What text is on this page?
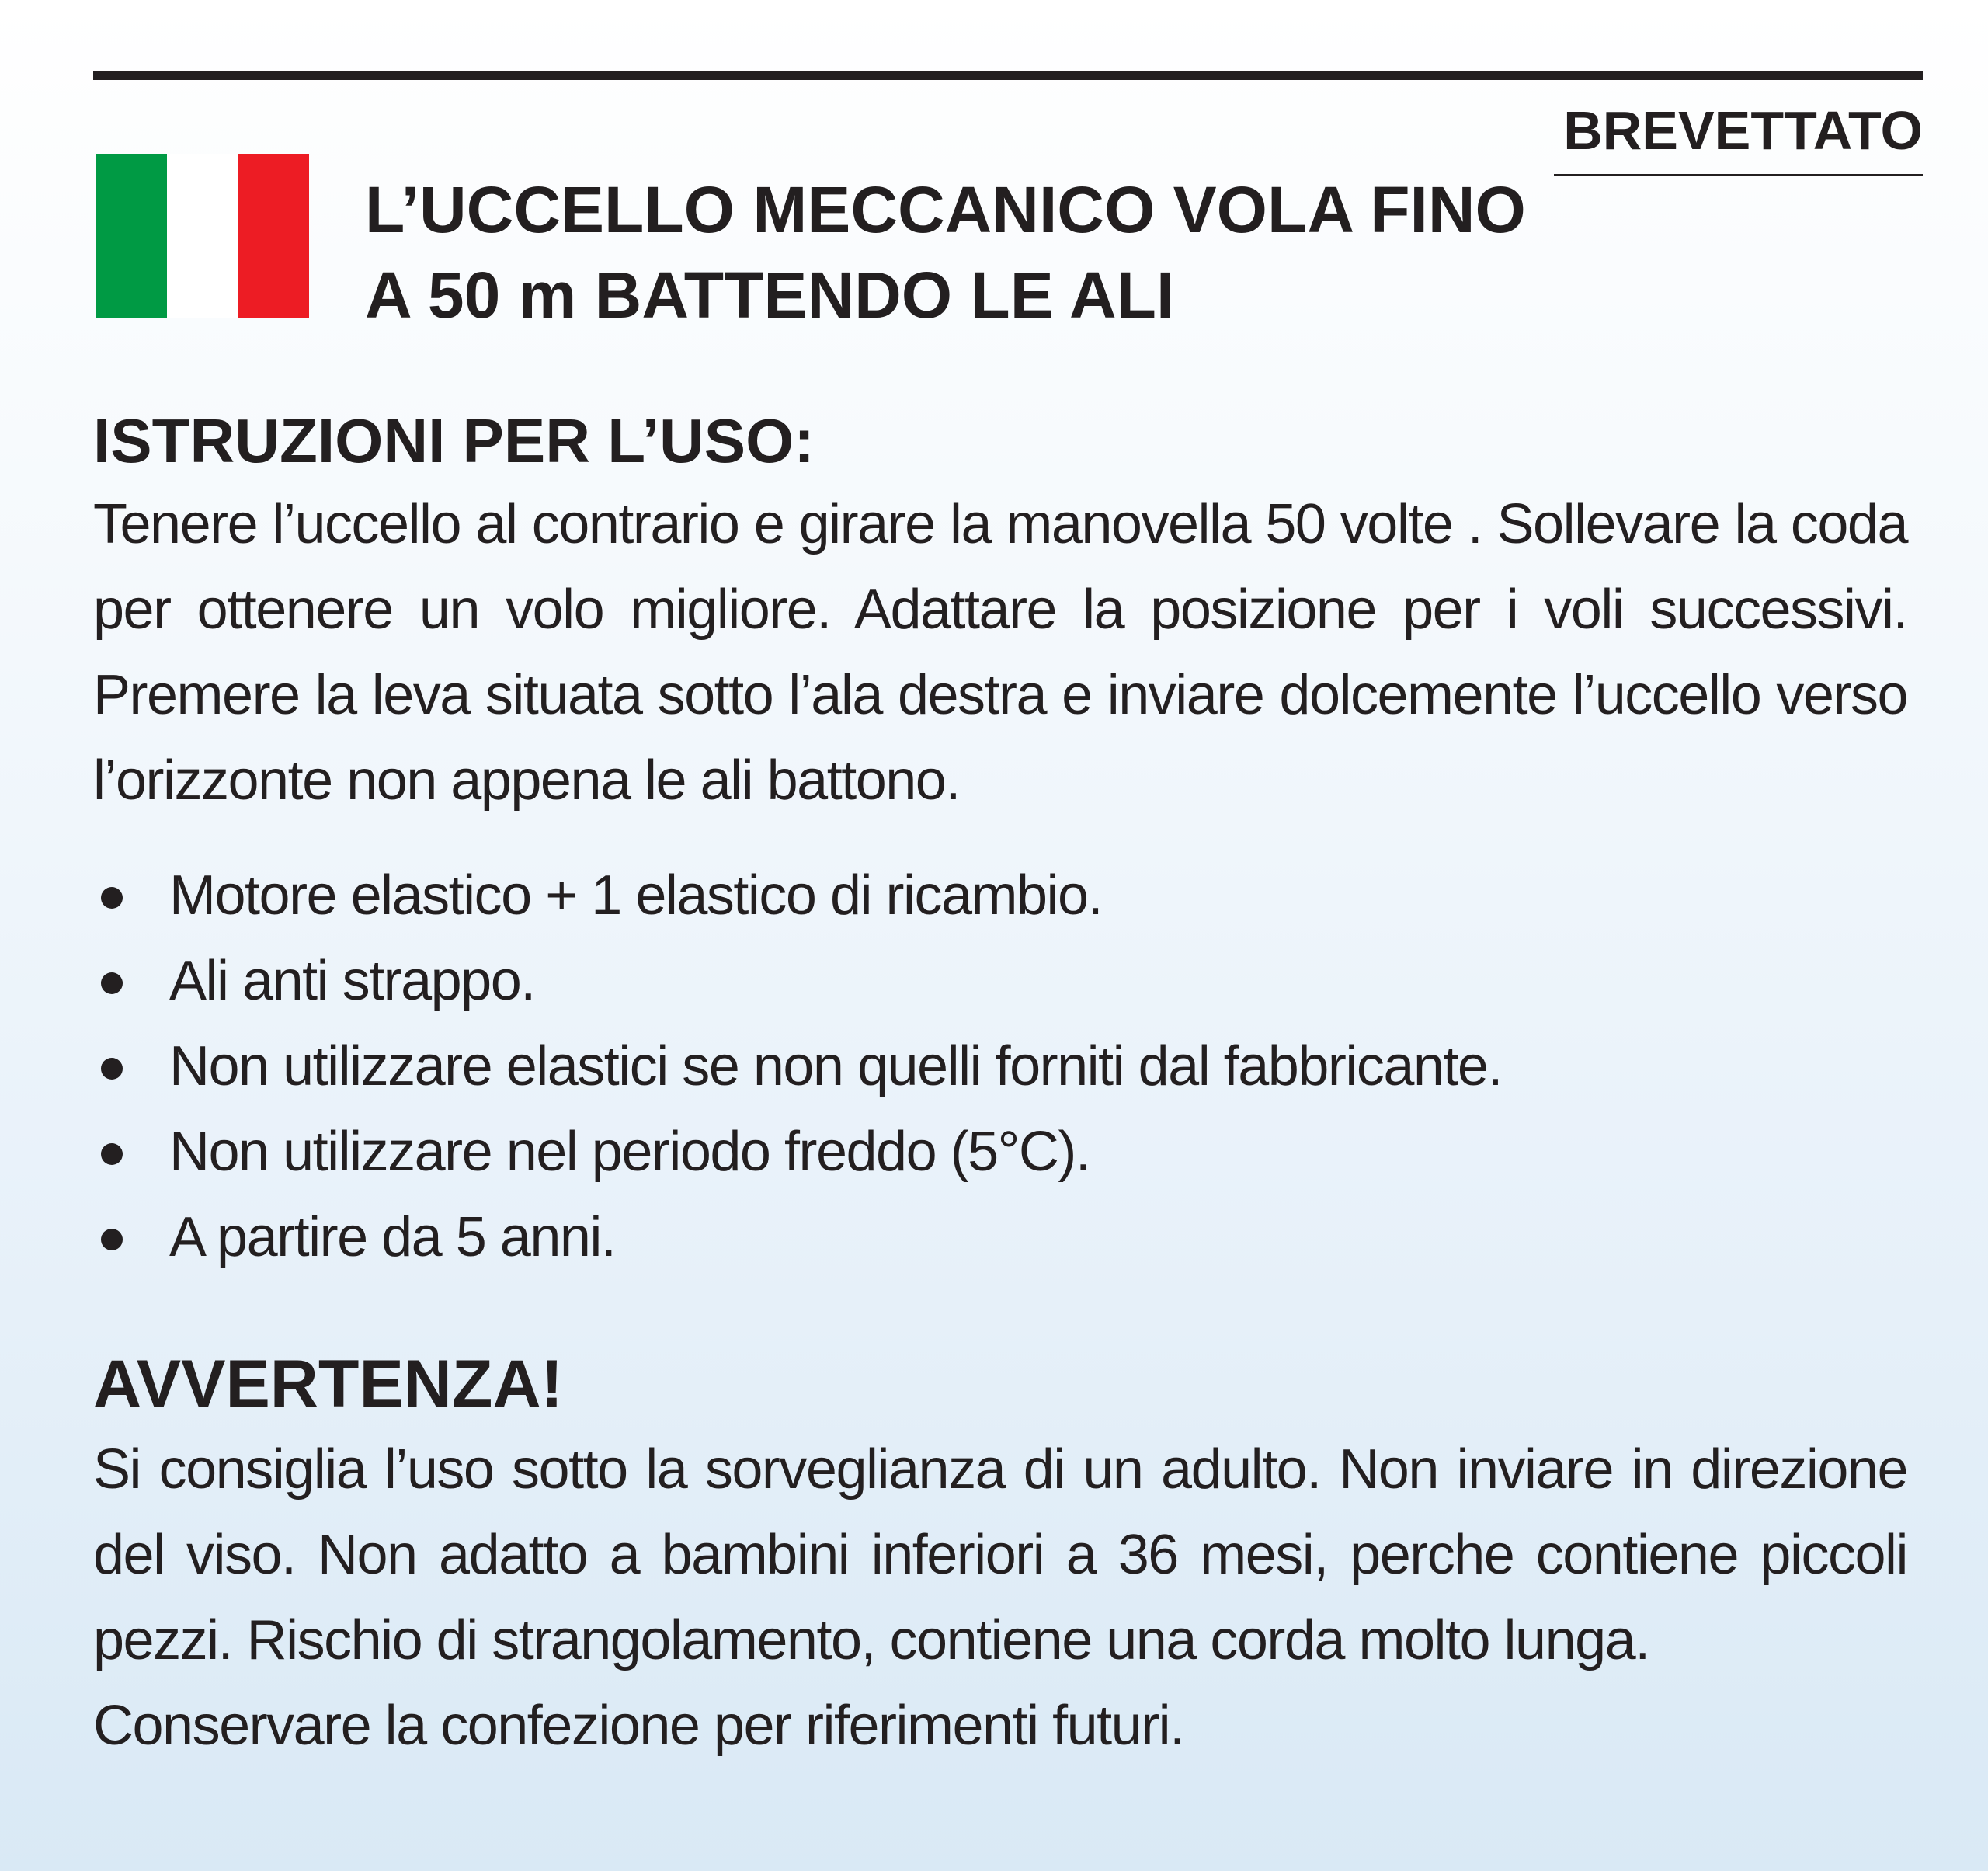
BREVETTATO
L’UCCELLO MECCANICO VOLA FINO
A 50 m BATTENDO LE ALI
ISTRUZIONI PER L’USO:

Tenere l’uccello al contrario e girare la manovella 50 volte . Sollevare la coda per ottenere un volo migliore. Adattare la posizione per i voli successivi. Premere la leva situata sotto l’ala destra e inviare dolcemente l’uccello verso l’orizzonte non appena le ali battono.

Motore elastico + 1 elastico di ricambio.
Ali anti strappo.
Non utilizzare elastici se non quelli forniti dal fabbricante.
Non utilizzare nel periodo freddo (5°C).
A partire da 5 anni.
AVVERTENZA!
Si consiglia l’uso sotto la sorveglianza di un adulto. Non inviare in direzione del viso. Non adatto a bambini inferiori a 36 mesi, perche contiene piccoli pezzi. Rischio di strangolamento, contiene una corda molto lunga.
Conservare la confezione per riferimenti futuri.
